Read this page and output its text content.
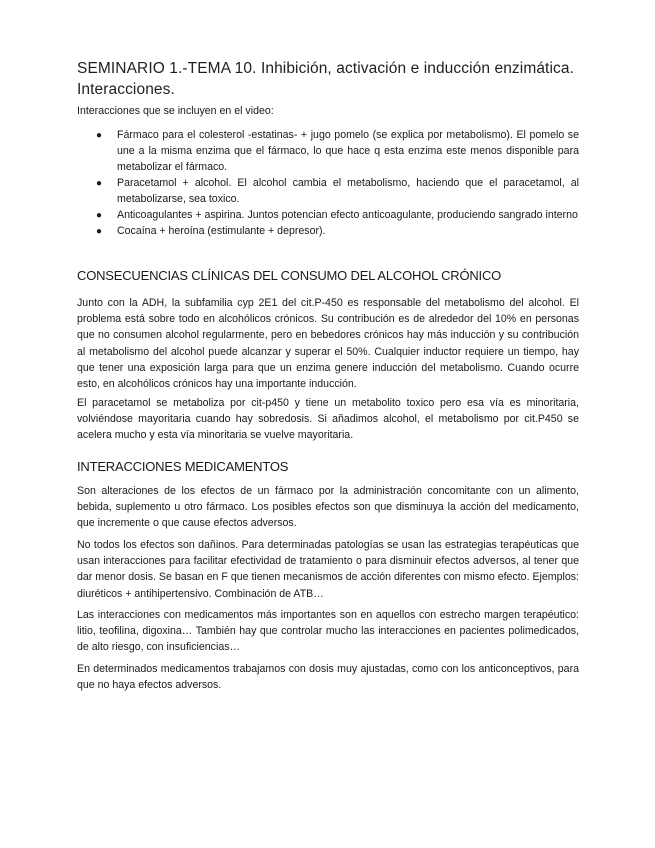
SEMINARIO 1.-TEMA 10. Inhibición, activación e inducción enzimática. Interacciones.
Interacciones que se incluyen en el video:
● Fármaco para el colesterol -estatinas- + jugo pomelo (se explica por metabolismo). El pomelo se une a la misma enzima que el fármaco, lo que hace q esta enzima este menos disponible para metabolizar el fármaco.
● Paracetamol + alcohol. El alcohol cambia el metabolismo, haciendo que el paracetamol, al metabolizarse, sea toxico.
● Anticoagulantes + aspirina. Juntos potencian efecto anticoagulante, produciendo sangrado interno
● Cocaína + heroína (estimulante + depresor).
CONSECUENCIAS CLÍNICAS DEL CONSUMO DEL ALCOHOL CRÓNICO

Junto con la ADH, la subfamilia cyp 2E1 del cit.P-450 es responsable del metabolismo del alcohol. El problema está sobre todo en alcohólicos crónicos. Su contribución es de alrededor del 10% en personas que no consumen alcohol regularmente, pero en bebedores crónicos hay más inducción y su contribución al metabolismo del alcohol puede alcanzar y superar el 50%. Cualquier inductor requiere un tiempo, hay que tener una exposición larga para que un enzima genere inducción del metabolismo. Cuando ocurre esto, en alcohólicos crónicos hay una importante inducción.

El paracetamol se metaboliza por cit-p450 y tiene un metabolito toxico pero esa vía es minoritaria, volviéndose mayoritaria cuando hay sobredosis. Si añadimos alcohol, el metabolismo por cit.P450 se acelera mucho y esta vía minoritaria se vuelve mayoritaria.

INTERACCIONES MEDICAMENTOS

Son alteraciones de los efectos de un fármaco por la administración concomitante con un alimento, bebida, suplemento u otro fármaco. Los posibles efectos son que disminuya la acción del medicamento, que incremente o que cause efectos adversos.

No todos los efectos son dañinos. Para determinadas patologías se usan las estrategias terapéuticas que usan interacciones para facilitar efectividad de tratamiento o para disminuir efectos adversos, al tener que dar menor dosis. Se basan en F que tienen mecanismos de acción diferentes con mismo efecto. Ejemplos: diuréticos + antihipertensivo. Combinación de ATB…

Las interacciones con medicamentos más importantes son en aquellos con estrecho margen terapéutico: litio, teofilina, digoxina… También hay que controlar mucho las interacciones en pacientes polimedicados, de alto riesgo, con insuficiencias…

En determinados medicamentos trabajamos con dosis muy ajustadas, como con los anticonceptivos, para que no haya efectos adversos.
